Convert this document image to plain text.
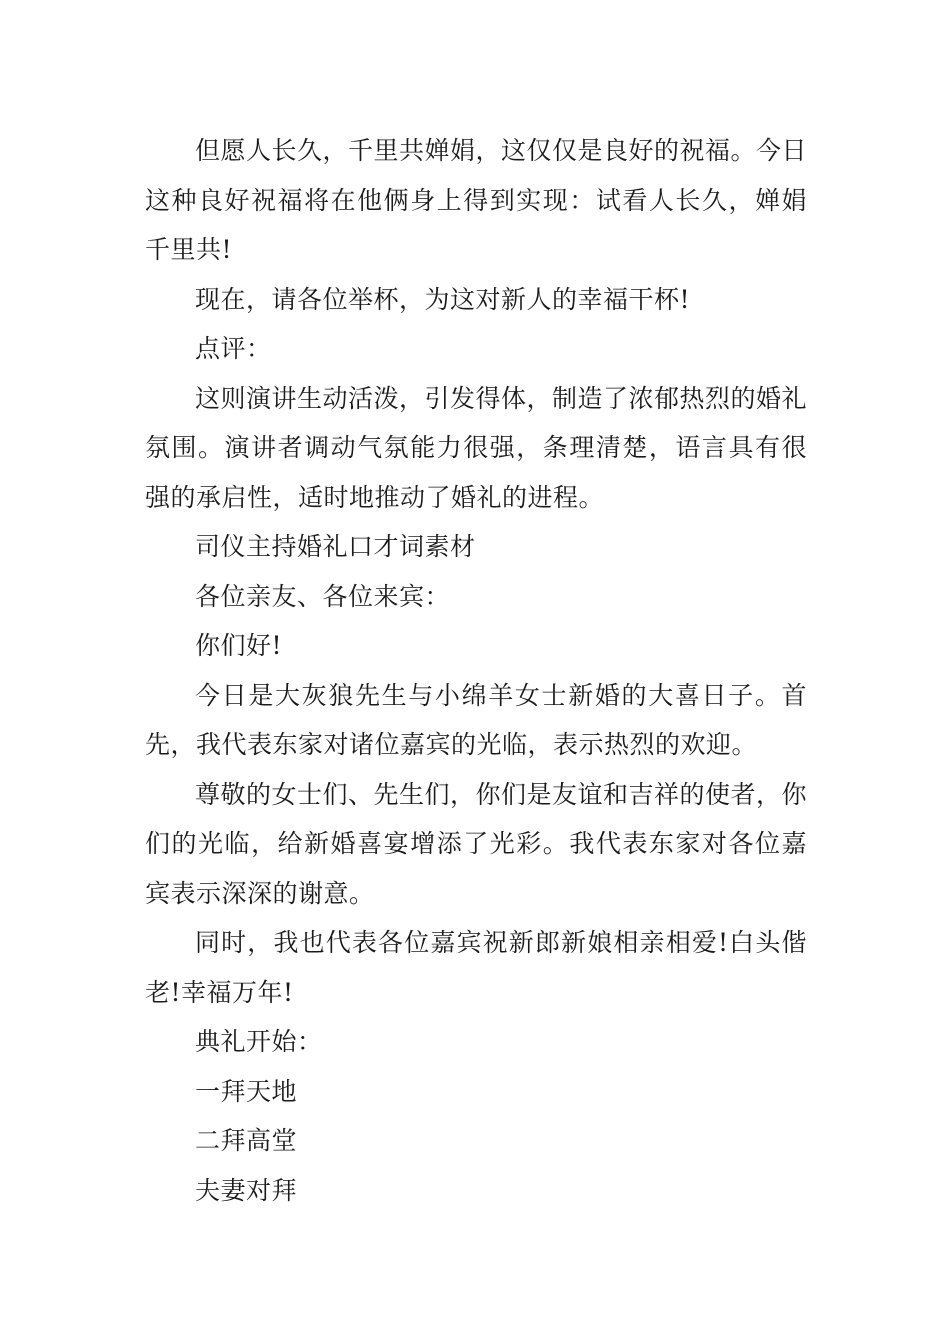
但愿人长久，千里共婵娟，这仅仅是良好的祝福。今日这种良好祝福将在他俩身上得到实现：试看人长久，婵娟千里共!

现在，请各位举杯，为这对新人的幸福干杯!

点评：

这则演讲生动活泼，引发得体，制造了浓郁热烈的婚礼氛围。演讲者调动气氛能力很强，条理清楚，语言具有很强的承启性，适时地推动了婚礼的进程。

司仪主持婚礼口才词素材

各位亲友、各位来宾：

你们好!

今日是大灰狼先生与小绵羊女士新婚的大喜日子。首先，我代表东家对诸位嘉宾的光临，表示热烈的欢迎。

尊敬的女士们、先生们，你们是友谊和吉祥的使者，你们的光临，给新婚喜宴增添了光彩。我代表东家对各位嘉宾表示深深的谢意。

同时，我也代表各位嘉宾祝新郎新娘相亲相爱!白头偕老!幸福万年!

典礼开始：

一拜天地

二拜高堂

夫妻对拜
